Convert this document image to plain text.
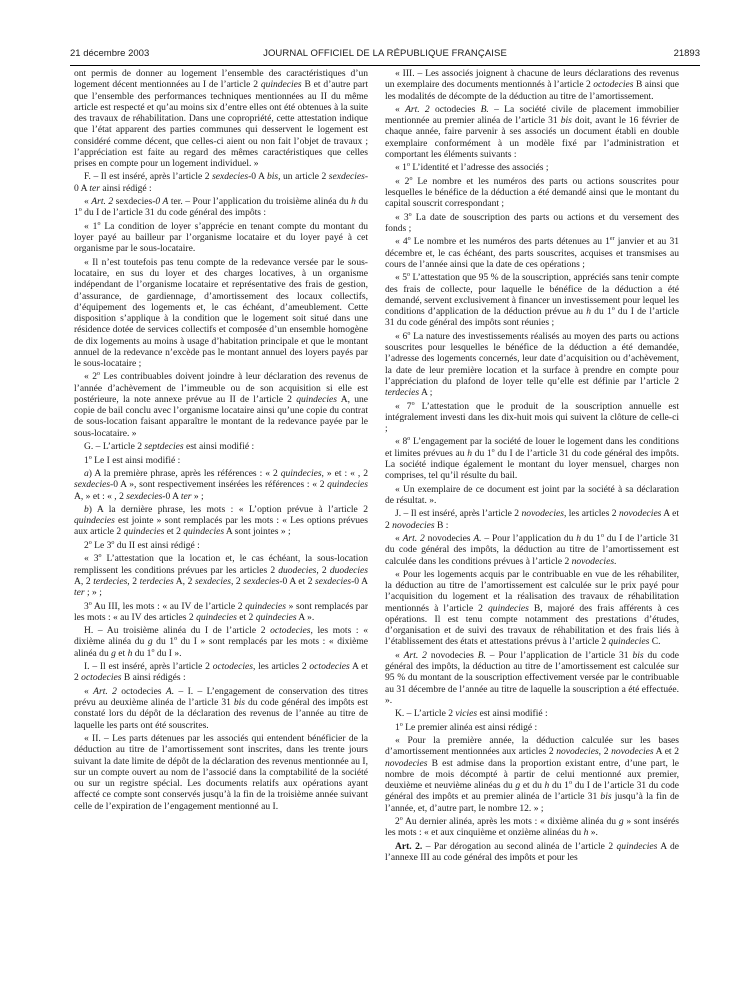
21 décembre 2003	JOURNAL OFFICIEL DE LA RÉPUBLIQUE FRANÇAISE	21893

ont permis de donner au logement l’ensemble des caractéristiques d’un logement décent mentionnées au I de l’article 2 quindecies B et d’autre part que l’ensemble des performances techniques mentionnées au II du même article est respecté et qu’au moins six d’entre elles ont été obtenues à la suite des travaux de réhabilitation. Dans une copropriété, cette attestation indique que l’état apparent des parties communes qui desservent le logement est considéré comme décent, que celles-ci aient ou non fait l’objet de travaux ; l’appréciation est faite au regard des mêmes caractéristiques que celles prises en compte pour un logement individuel. »

F. – Il est inséré, après l’article 2 sexdecies-0 A bis, un article 2 sexdecies-0 A ter ainsi rédigé :

« Art. 2 sexdecies-0 A ter. – Pour l’application du troisième alinéa du h du 1$^o$ du I de l’article 31 du code général des impôts :

« 1$^o$ La condition de loyer s’apprécie en tenant compte du montant du loyer payé au bailleur par l’organisme locataire et du loyer payé à cet organisme par le sous-locataire.

« Il n’est toutefois pas tenu compte de la redevance versée par le sous-locataire, en sus du loyer et des charges locatives, à un organisme indépendant de l’organisme locataire et représentative des frais de gestion, d’assurance, de gardiennage, d’amortissement des locaux collectifs, d’équipement des logements et, le cas échéant, d’ameublement. Cette disposition s’applique à la condition que le logement soit situé dans une résidence dotée de services collectifs et composée d’un ensemble homogène de dix logements au moins à usage d’habitation principale et que le montant annuel de la redevance n’excède pas le montant annuel des loyers payés par le sous-locataire ;

« 2$^o$ Les contribuables doivent joindre à leur déclaration des revenus de l’année d’achèvement de l’immeuble ou de son acquisition si elle est postérieure, la note annexe prévue au II de l’article 2 quindecies A, une copie de bail conclu avec l’organisme locataire ainsi qu’une copie du contrat de sous-location faisant apparaître le montant de la redevance payée par le sous-locataire. »

G. – L’article 2 septdecies est ainsi modifié :

1$^o$ Le I est ainsi modifié :

a) A la première phrase, après les références : « 2 quindecies, » et : « , 2 sexdecies-0 A », sont respectivement insérées les références : « 2 quindecies A, » et : « , 2 sexdecies-0 A ter » ;

b) A la dernière phrase, les mots : « L’option prévue à l’article 2 quindecies est jointe » sont remplacés par les mots : « Les options prévues aux article 2 quindecies et 2 quindecies A sont jointes » ;

2$^o$ Le 3$^o$ du II est ainsi rédigé :

« 3$^o$ L’attestation que la location et, le cas échéant, la sous-location remplissent les conditions prévues par les articles 2 duodecies, 2 duodecies A, 2 terdecies, 2 terdecies A, 2 sexdecies, 2 sexdecies-0 A et 2 sexdecies-0 A ter ; » ;

3$^o$ Au III, les mots : « au IV de l’article 2 quindecies » sont remplacés par les mots : « au IV des articles 2 quindecies et 2 quindecies A ».

H. – Au troisième alinéa du I de l’article 2 octodecies, les mots : « dixième alinéa du g du 1$^o$ du I » sont remplacés par les mots : « dixième alinéa du g et h du 1$^o$ du I ».

I. – Il est inséré, après l’article 2 octodecies, les articles 2 octodecies A et 2 octodecies B ainsi rédigés :

« Art. 2 octodecies A. – I. – L’engagement de conservation des titres prévu au deuxième alinéa de l’article 31 bis du code général des impôts est constaté lors du dépôt de la déclaration des revenus de l’année au titre de laquelle les parts ont été souscrites.

« II. – Les parts détenues par les associés qui entendent bénéficier de la déduction au titre de l’amortissement sont inscrites, dans les trente jours suivant la date limite de dépôt de la déclaration des revenus mentionnée au I, sur un compte ouvert au nom de l’associé dans la comptabilité de la société ou sur un registre spécial. Les documents relatifs aux opérations ayant affecté ce compte sont conservés jusqu’à la fin de la troisième année suivant celle de l’expiration de l’engagement mentionné au I.

« III. – Les associés joignent à chacune de leurs déclarations des revenus un exemplaire des documents mentionnés à l’article 2 octodecies B ainsi que les modalités de décompte de la déduction au titre de l’amortissement.

« Art. 2 octodecies B. – La société civile de placement immobilier mentionnée au premier alinéa de l’article 31 bis doit, avant le 16 février de chaque année, faire parvenir à ses associés un document établi en double exemplaire conformément à un modèle fixé par l’administration et comportant les éléments suivants :

« 1$^o$ L’identité et l’adresse des associés ;

« 2$^o$ Le nombre et les numéros des parts ou actions souscrites pour lesquelles le bénéfice de la déduction a été demandé ainsi que le montant du capital souscrit correspondant ;

« 3$^o$ La date de souscription des parts ou actions et du versement des fonds ;

« 4$^o$ Le nombre et les numéros des parts détenues au 1er janvier et au 31 décembre et, le cas échéant, des parts souscrites, acquises et transmises au cours de l’année ainsi que la date de ces opérations ;

« 5$^o$ L’attestation que 95 % de la souscription, appréciés sans tenir compte des frais de collecte, pour laquelle le bénéfice de la déduction a été demandé, servent exclusivement à financer un investissement pour lequel les conditions d’application de la déduction prévue au h du 1$^o$ du I de l’article 31 du code général des impôts sont réunies ;

« 6$^o$ La nature des investissements réalisés au moyen des parts ou actions souscrites pour lesquelles le bénéfice de la déduction a été demandée, l’adresse des logements concernés, leur date d’acquisition ou d’achèvement, la date de leur première location et la surface à prendre en compte pour l’appréciation du plafond de loyer telle qu’elle est définie par l’article 2 terdecies A ;

« 7$^o$ L’attestation que le produit de la souscription annuelle est intégralement investi dans les dix-huit mois qui suivent la clôture de celle-ci ;

« 8$^o$ L’engagement par la société de louer le logement dans les conditions et limites prévues au h du 1$^o$ du I de l’article 31 du code général des impôts. La société indique également le montant du loyer mensuel, charges non comprises, tel qu’il résulte du bail.

« Un exemplaire de ce document est joint par la société à sa déclaration de résultat. ».

J. – Il est inséré, après l’article 2 novodecies, les articles 2 novodecies A et 2 novodecies B :

« Art. 2 novodecies A. – Pour l’application du h du 1$^o$ du I de l’article 31 du code général des impôts, la déduction au titre de l’amortissement est calculée dans les conditions prévues à l’article 2 novodecies.

« Pour les logements acquis par le contribuable en vue de les réhabiliter, la déduction au titre de l’amortissement est calculée sur le prix payé pour l’acquisition du logement et la réalisation des travaux de réhabilitation mentionnés à l’article 2 quindecies B, majoré des frais afférents à ces opérations. Il est tenu compte notamment des prestations d’études, d’organisation et de suivi des travaux de réhabilitation et des frais liés à l’établissement des états et attestations prévus à l’article 2 quindecies C.

« Art. 2 novodecies B. – Pour l’application de l’article 31 bis du code général des impôts, la déduction au titre de l’amortissement est calculée sur 95 % du montant de la souscription effectivement versée par le contribuable au 31 décembre de l’année au titre de laquelle la souscription a été effectuée. ».

K. – L’article 2 vicies est ainsi modifié :

1$^o$ Le premier alinéa est ainsi rédigé :

« Pour la première année, la déduction calculée sur les bases d’amortissement mentionnées aux articles 2 novodecies, 2 novodecies A et 2 novodecies B est admise dans la proportion existant entre, d’une part, le nombre de mois décompté à partir de celui mentionné aux premier, deuxième et neuvième alinéas du g et du h du 1$^o$ du I de l’article 31 du code général des impôts et au premier alinéa de l’article 31 bis jusqu’à la fin de l’année, et, d’autre part, le nombre 12. » ;

2$^o$ Au dernier alinéa, après les mots : « dixième alinéa du g » sont insérés les mots : « et aux cinquième et onzième alinéas du h ».

Art. 2. – Par dérogation au second alinéa de l’article 2 quindecies A de l’annexe III au code général des impôts et pour les
